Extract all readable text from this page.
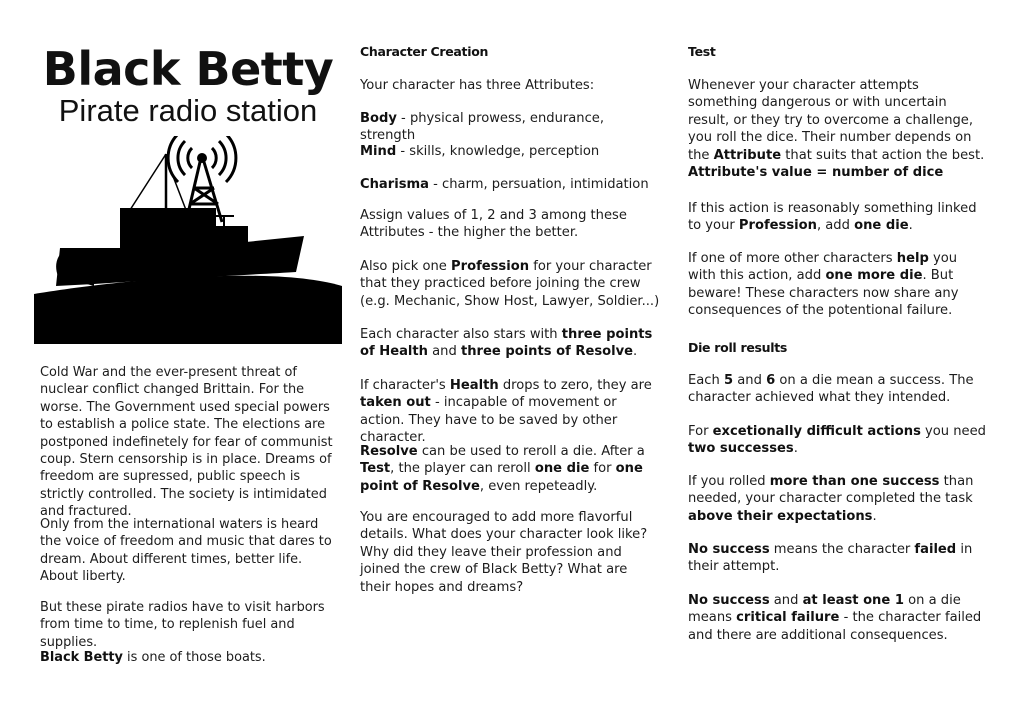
Black Betty
Pirate radio station

Cold War and the ever-present threat of nuclear conflict changed Brittain. For the worse. The Government used special powers to establish a police state. The elections are postponed indefinetely for fear of communist coup. Stern censorship is in place. Dreams of freedom are supressed, public speech is strictly controlled. The society is intimidated and fractured.

Only from the international waters is heard the voice of freedom and music that dares to dream. About different times, better life. About liberty.

But these pirate radios have to visit harbors from time to time, to replenish fuel and supplies.

Black Betty is one of those boats.

Character Creation

Your character has three Attributes:

Body - physical prowess, endurance, strength

Mind - skills, knowledge, perception

Charisma - charm, persuation, intimidation

Assign values of 1, 2 and 3 among these Attributes - the higher the better.

Also pick one Profession for your character that they practiced before joining the crew (e.g. Mechanic, Show Host, Lawyer, Soldier...)

Each character also stars with three points of Health and three points of Resolve.

If character's Health drops to zero, they are taken out - incapable of movement or action. They have to be saved by other character.

Resolve can be used to reroll a die. After a Test, the player can reroll one die for one point of Resolve, even repeteadly.

You are encouraged to add more flavorful details. What does your character look like? Why did they leave their profession and joined the crew of Black Betty? What are their hopes and dreams?

Test

Whenever your character attempts something dangerous or with uncertain result, or they try to overcome a challenge, you roll the dice. Their number depends on the Attribute that suits that action the best. Attribute's value = number of dice

If this action is reasonably something linked to your Profession, add one die.

If one of more other characters help you with this action, add one more die. But beware! These characters now share any consequences of the potentional failure.

Die roll results

Each 5 and 6 on a die mean a success. The character achieved what they intended.

For excetionally difficult actions you need two successes.

If you rolled more than one success than needed, your character completed the task above their expectations.

No success means the character failed in their attempt.

No success and at least one 1 on a die means critical failure - the character failed and there are additional consequences.
